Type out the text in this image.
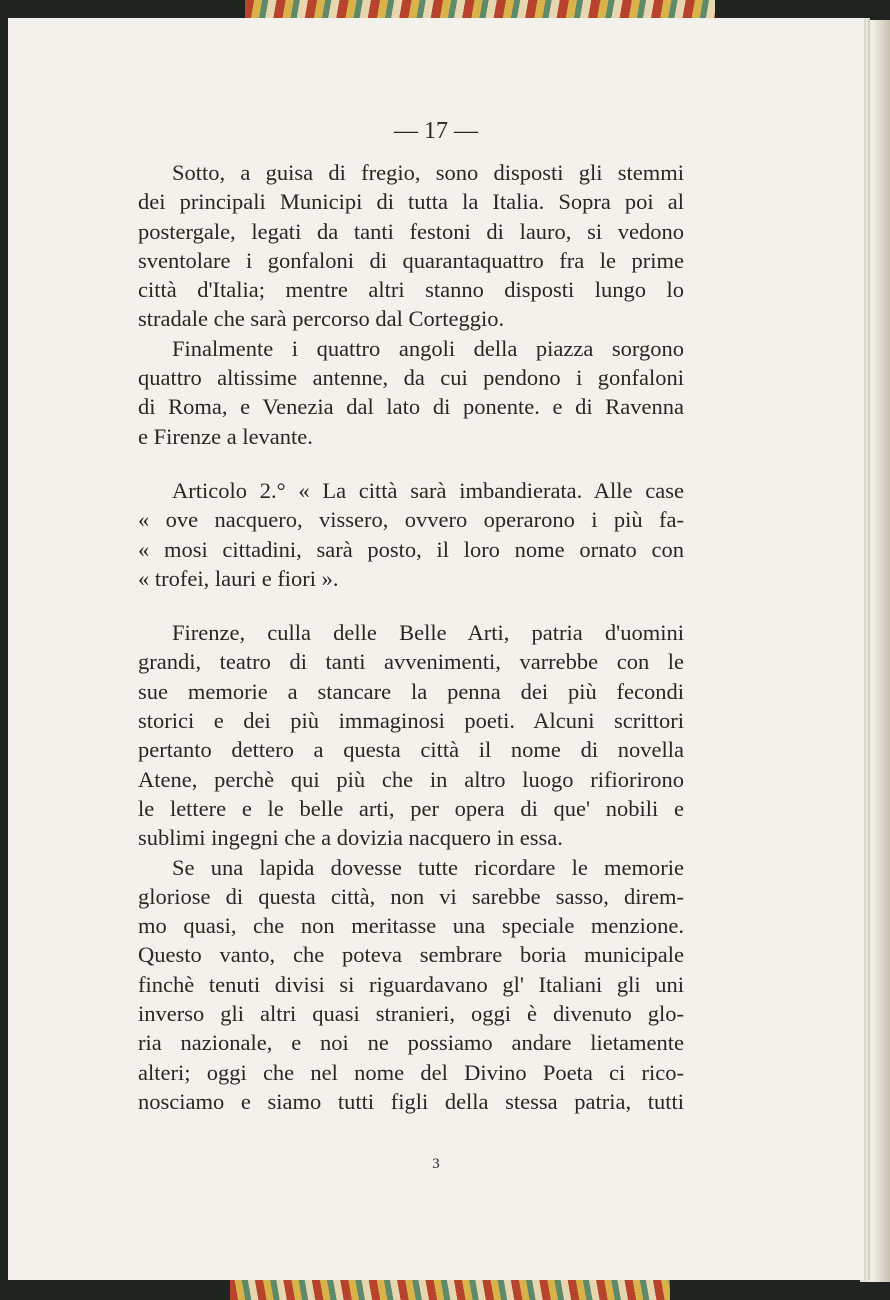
— 17 —
Sotto, a guisa di fregio, sono disposti gli stemmi
dei principali Municipi di tutta la Italia. Sopra poi al
postergale, legati da tanti festoni di lauro, si vedono
sventolare i gonfaloni di quarantaquattro fra le prime
città d'Italia; mentre altri stanno disposti lungo lo
stradale che sarà percorso dal Corteggio.
Finalmente i quattro angoli della piazza sorgono
quattro altissime antenne, da cui pendono i gonfaloni
di Roma, e Venezia dal lato di ponente. e di Ravenna
e Firenze a levante.
Articolo 2.° « La città sarà imbandierata. Alle case
« ove nacquero, vissero, ovvero operarono i più fa-
« mosi cittadini, sarà posto, il loro nome ornato con
« trofei, lauri e fiori ».
Firenze, culla delle Belle Arti, patria d'uomini
grandi, teatro di tanti avvenimenti, varrebbe con le
sue memorie a stancare la penna dei più fecondi
storici e dei più immaginosi poeti. Alcuni scrittori
pertanto dettero a questa città il nome di novella
Atene, perchè qui più che in altro luogo rifiorirono
le lettere e le belle arti, per opera di que' nobili e
sublimi ingegni che a dovizia nacquero in essa.
Se una lapida dovesse tutte ricordare le memorie
gloriose di questa città, non vi sarebbe sasso, direm-
mo quasi, che non meritasse una speciale menzione.
Questo vanto, che poteva sembrare boria municipale
finchè tenuti divisi si riguardavano gl' Italiani gli uni
inverso gli altri quasi stranieri, oggi è divenuto glo-
ria nazionale, e noi ne possiamo andare lietamente
alteri; oggi che nel nome del Divino Poeta ci rico-
nosciamo e siamo tutti figli della stessa patria, tutti
3
